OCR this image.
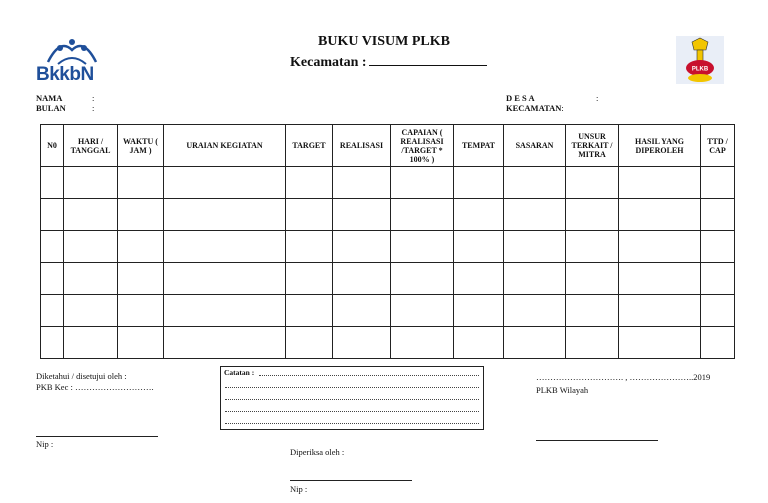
BkkbN
BUKU VISUM PLKB
Kecamatan :	PLKB
NAMA	:
BULAN	:
D E S A	:
KECAMATAN:
N0	HARI / TANGGAL	WAKTU ( JAM )	URAIAN KEGIATAN	TARGET	REALISASI	CAPAIAN ( REALISASI /TARGET * 100% )	TEMPAT	SASARAN	UNSUR TERKAIT / MITRA	HASIL YANG DIPEROLEH	TTD / CAP

Diketahui / disetujui oleh :
PKB Kec : ……………………….
Nip :
Catatan :
Diperiksa oleh :
Nip :
…………………………. , …………………..2019
PLKB Wilayah
